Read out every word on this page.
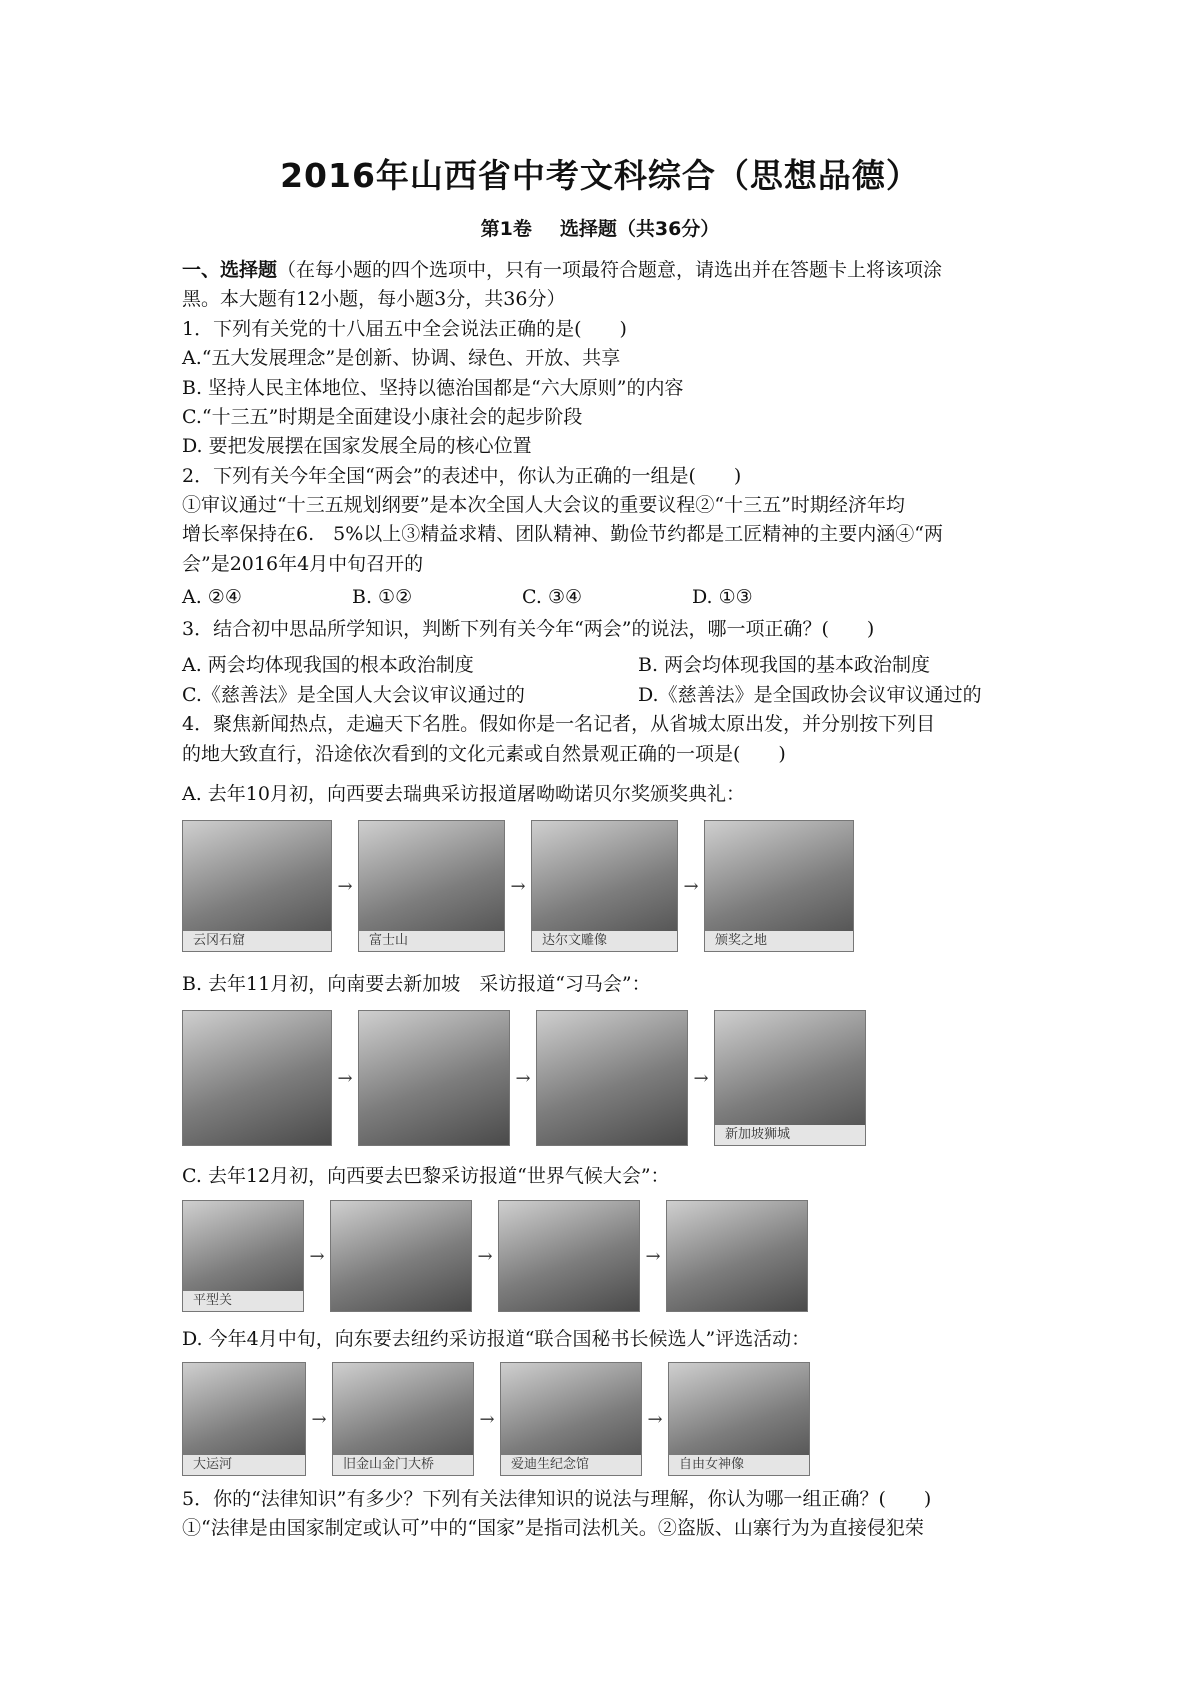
2016年山西省中考文科综合（思想品德）
第1卷 选择题（共36分）
一、选择题（在每小题的四个选项中，只有一项最符合题意，请选出并在答题卡上将该项涂
黑。本大题有12小题，每小题3分，共36分）
1．下列有关党的十八届五中全会说法正确的是(　　)
A.“五大发展理念”是创新、协调、绿色、开放、共享
B. 坚持人民主体地位、坚持以德治国都是“六大原则”的内容
C.“十三五”时期是全面建设小康社会的起步阶段
D. 要把发展摆在国家发展全局的核心位置
2．下列有关今年全国“两会”的表述中，你认为正确的一组是(　　)
①审议通过“十三五规划纲要”是本次全国人大会议的重要议程②“十三五”时期经济年均
增长率保持在6.　5%以上③精益求精、团队精神、勤俭节约都是工匠精神的主要内涵④“两
会”是2016年4月中旬召开的
A. ②④	B. ①②	C. ③④	D. ①③
3．结合初中思品所学知识，判断下列有关今年“两会”的说法，哪一项正确？(　　)
A. 两会均体现我国的根本政治制度	B. 两会均体现我国的基本政治制度
C.《慈善法》是全国人大会议审议通过的	D.《慈善法》是全国政协会议审议通过的
4．聚焦新闻热点，走遍天下名胜。假如你是一名记者，从省城太原出发，并分别按下列目
的地大致直行，沿途依次看到的文化元素或自然景观正确的一项是(　　)
A. 去年10月初，向西要去瑞典采访报道屠呦呦诺贝尔奖颁奖典礼：
云冈石窟
→
富士山
→
达尔文雕像
→
颁奖之地
B. 去年11月初，向南要去新加坡　采访报道“习马会”：
→	→	→
新加坡狮城
C. 去年12月初，向西要去巴黎采访报道“世界气候大会”：
平型关
→	→	→
D. 今年4月中旬，向东要去纽约采访报道“联合国秘书长候选人”评选活动：
大运河
→
旧金山金门大桥
→
爱迪生纪念馆
→
自由女神像
5．你的“法律知识”有多少？下列有关法律知识的说法与理解，你认为哪一组正确？(　　)
①“法律是由国家制定或认可”中的“国家”是指司法机关。②盗版、山寨行为为直接侵犯荣
